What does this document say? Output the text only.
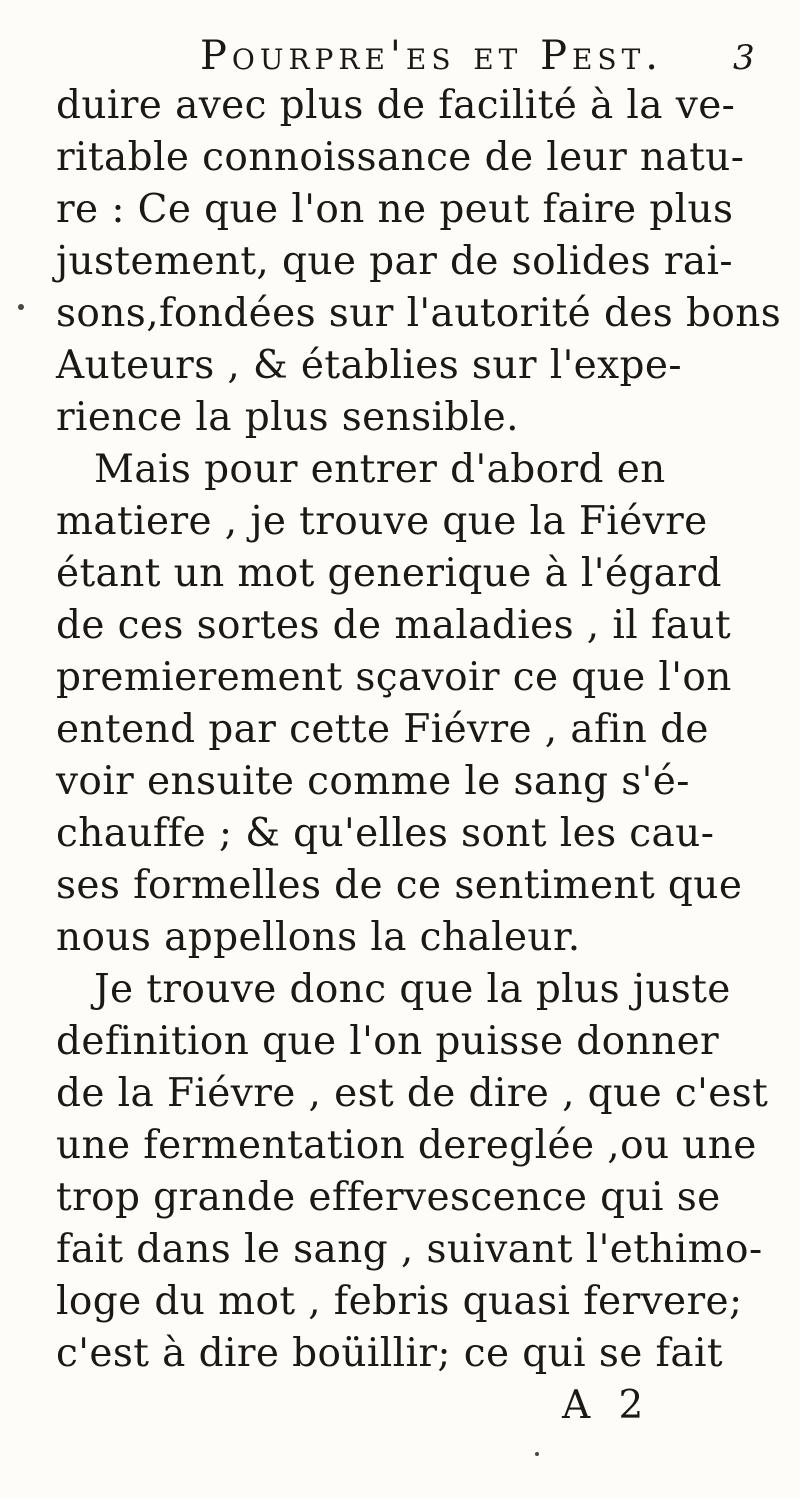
Pourpre'es et Pest. 3
duire avec plus de facilité à la ve-
ritable connoissance de leur natu-
re : Ce que l'on ne peut faire plus
justement, que par de solides rai-
sons,fondées sur l'autorité des bons
Auteurs , & établies sur l'expe-
rience la plus sensible.
Mais pour entrer d'abord en
matiere , je trouve que la Fiévre
étant un mot generique à l'égard
de ces sortes de maladies , il faut
premierement sçavoir ce que l'on
entend par cette Fiévre , afin de
voir ensuite comme le sang s'é-
chauffe ; & qu'elles sont les cau-
ses formelles de ce sentiment que
nous appellons la chaleur.
Je trouve donc que la plus juste
definition que l'on puisse donner
de la Fiévre , est de dire , que c'est
une fermentation dereglée ,ou une
trop grande effervescence qui se
fait dans le sang , suivant l'ethimo-
loge du mot , febris quasi fervere;
c'est à dire boüillir; ce qui se fait
A 2
